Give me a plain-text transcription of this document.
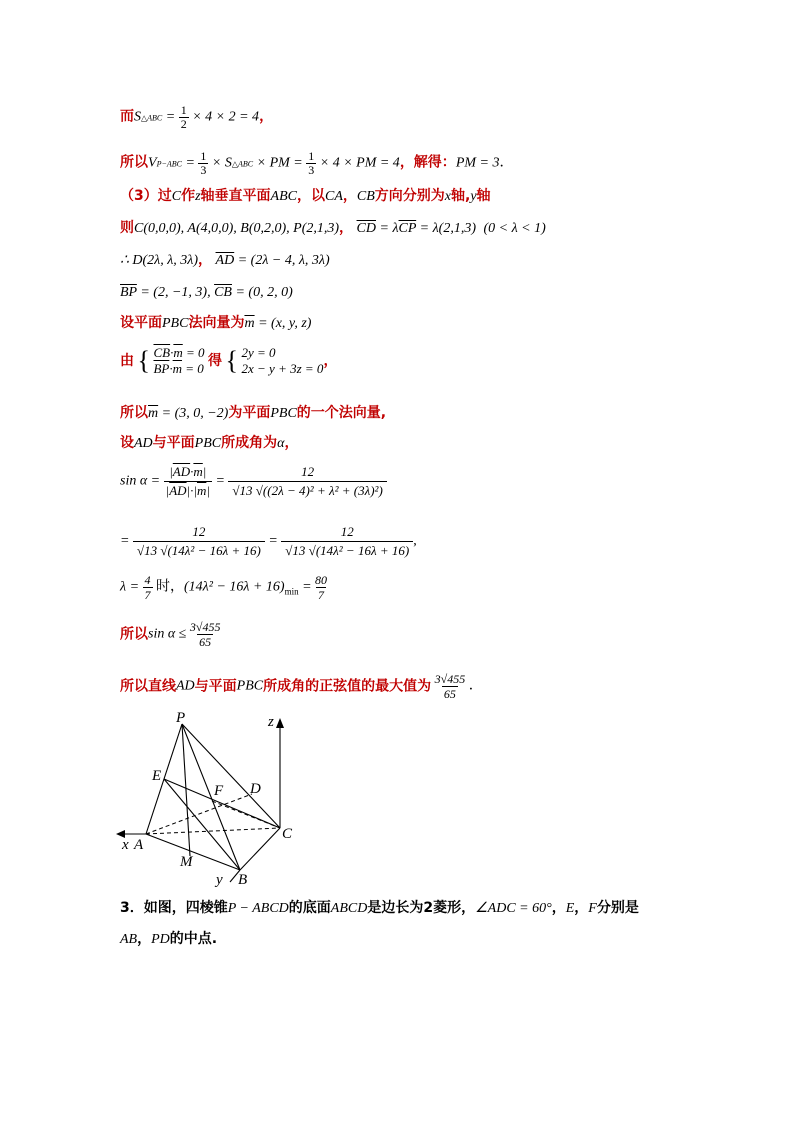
而S△ABC = 1
2 × 4 × 2 = 4，
所以VP−ABC = 1
3 × S△ABC × PM = 1
3 × 4 × PM = 4，解得：PM = 3．
（3）过C作z轴垂直平面ABC，以CA，CB方向分别为x轴,y轴
则C(0,0,0), A(4,0,0), B(0,2,0), P(2,1,3)， $\overline{CD} = \lambda\overline{CP} = \lambda(2,1,3) (0 < \lambda < 1)$
∴ D(2λ, λ, 3λ)， $\overline{AD} = (2\lambda - 4$, λ, 3λ)
$\overline{BP} = (2$, −1, 3), $\overline{CB} = (0$, 2, 0)
设平面PBC法向量为$\overline{m} = (x$, y, z)
由 { $\overline{CB}\cdot\overline{m} = 0$
$\overline{BP}\cdot\overline{m} = 0$ 得 { 2y = 0
2x − y + 3z = 0，
所以$\overline{m} = (3$, 0, −2)为平面PBC的一个法向量,
设AD与平面PBC所成角为α，
$\sin \alpha = \frac{|\overline{AD}\cdot\overline{m}|}{|\overline{AD}|\cdot|\overline{m}|} = \frac{12}{\text{√13 √((2λ − 4)² + λ² + (3λ)²)}}$
= 12
√13 √(14λ² − 16λ + 16) = 12
√13 √(14λ² − 16λ + 16),
λ = 4
7 时，$(14\lambda^2 - 16\lambda + 16)_{min} = 80$
7
所以sin α ≤ 3√455
65
所以直线AD与平面PBC所成角的正弦值的最大值为 3√455
65 ．
P	z
E
D
F
C
x A
M
y B
3．如图，四棱锥P − ABCD的底面ABCD是边长为2菱形，∠ADC = 60°，E，F分别是
AB，PD的中点.
